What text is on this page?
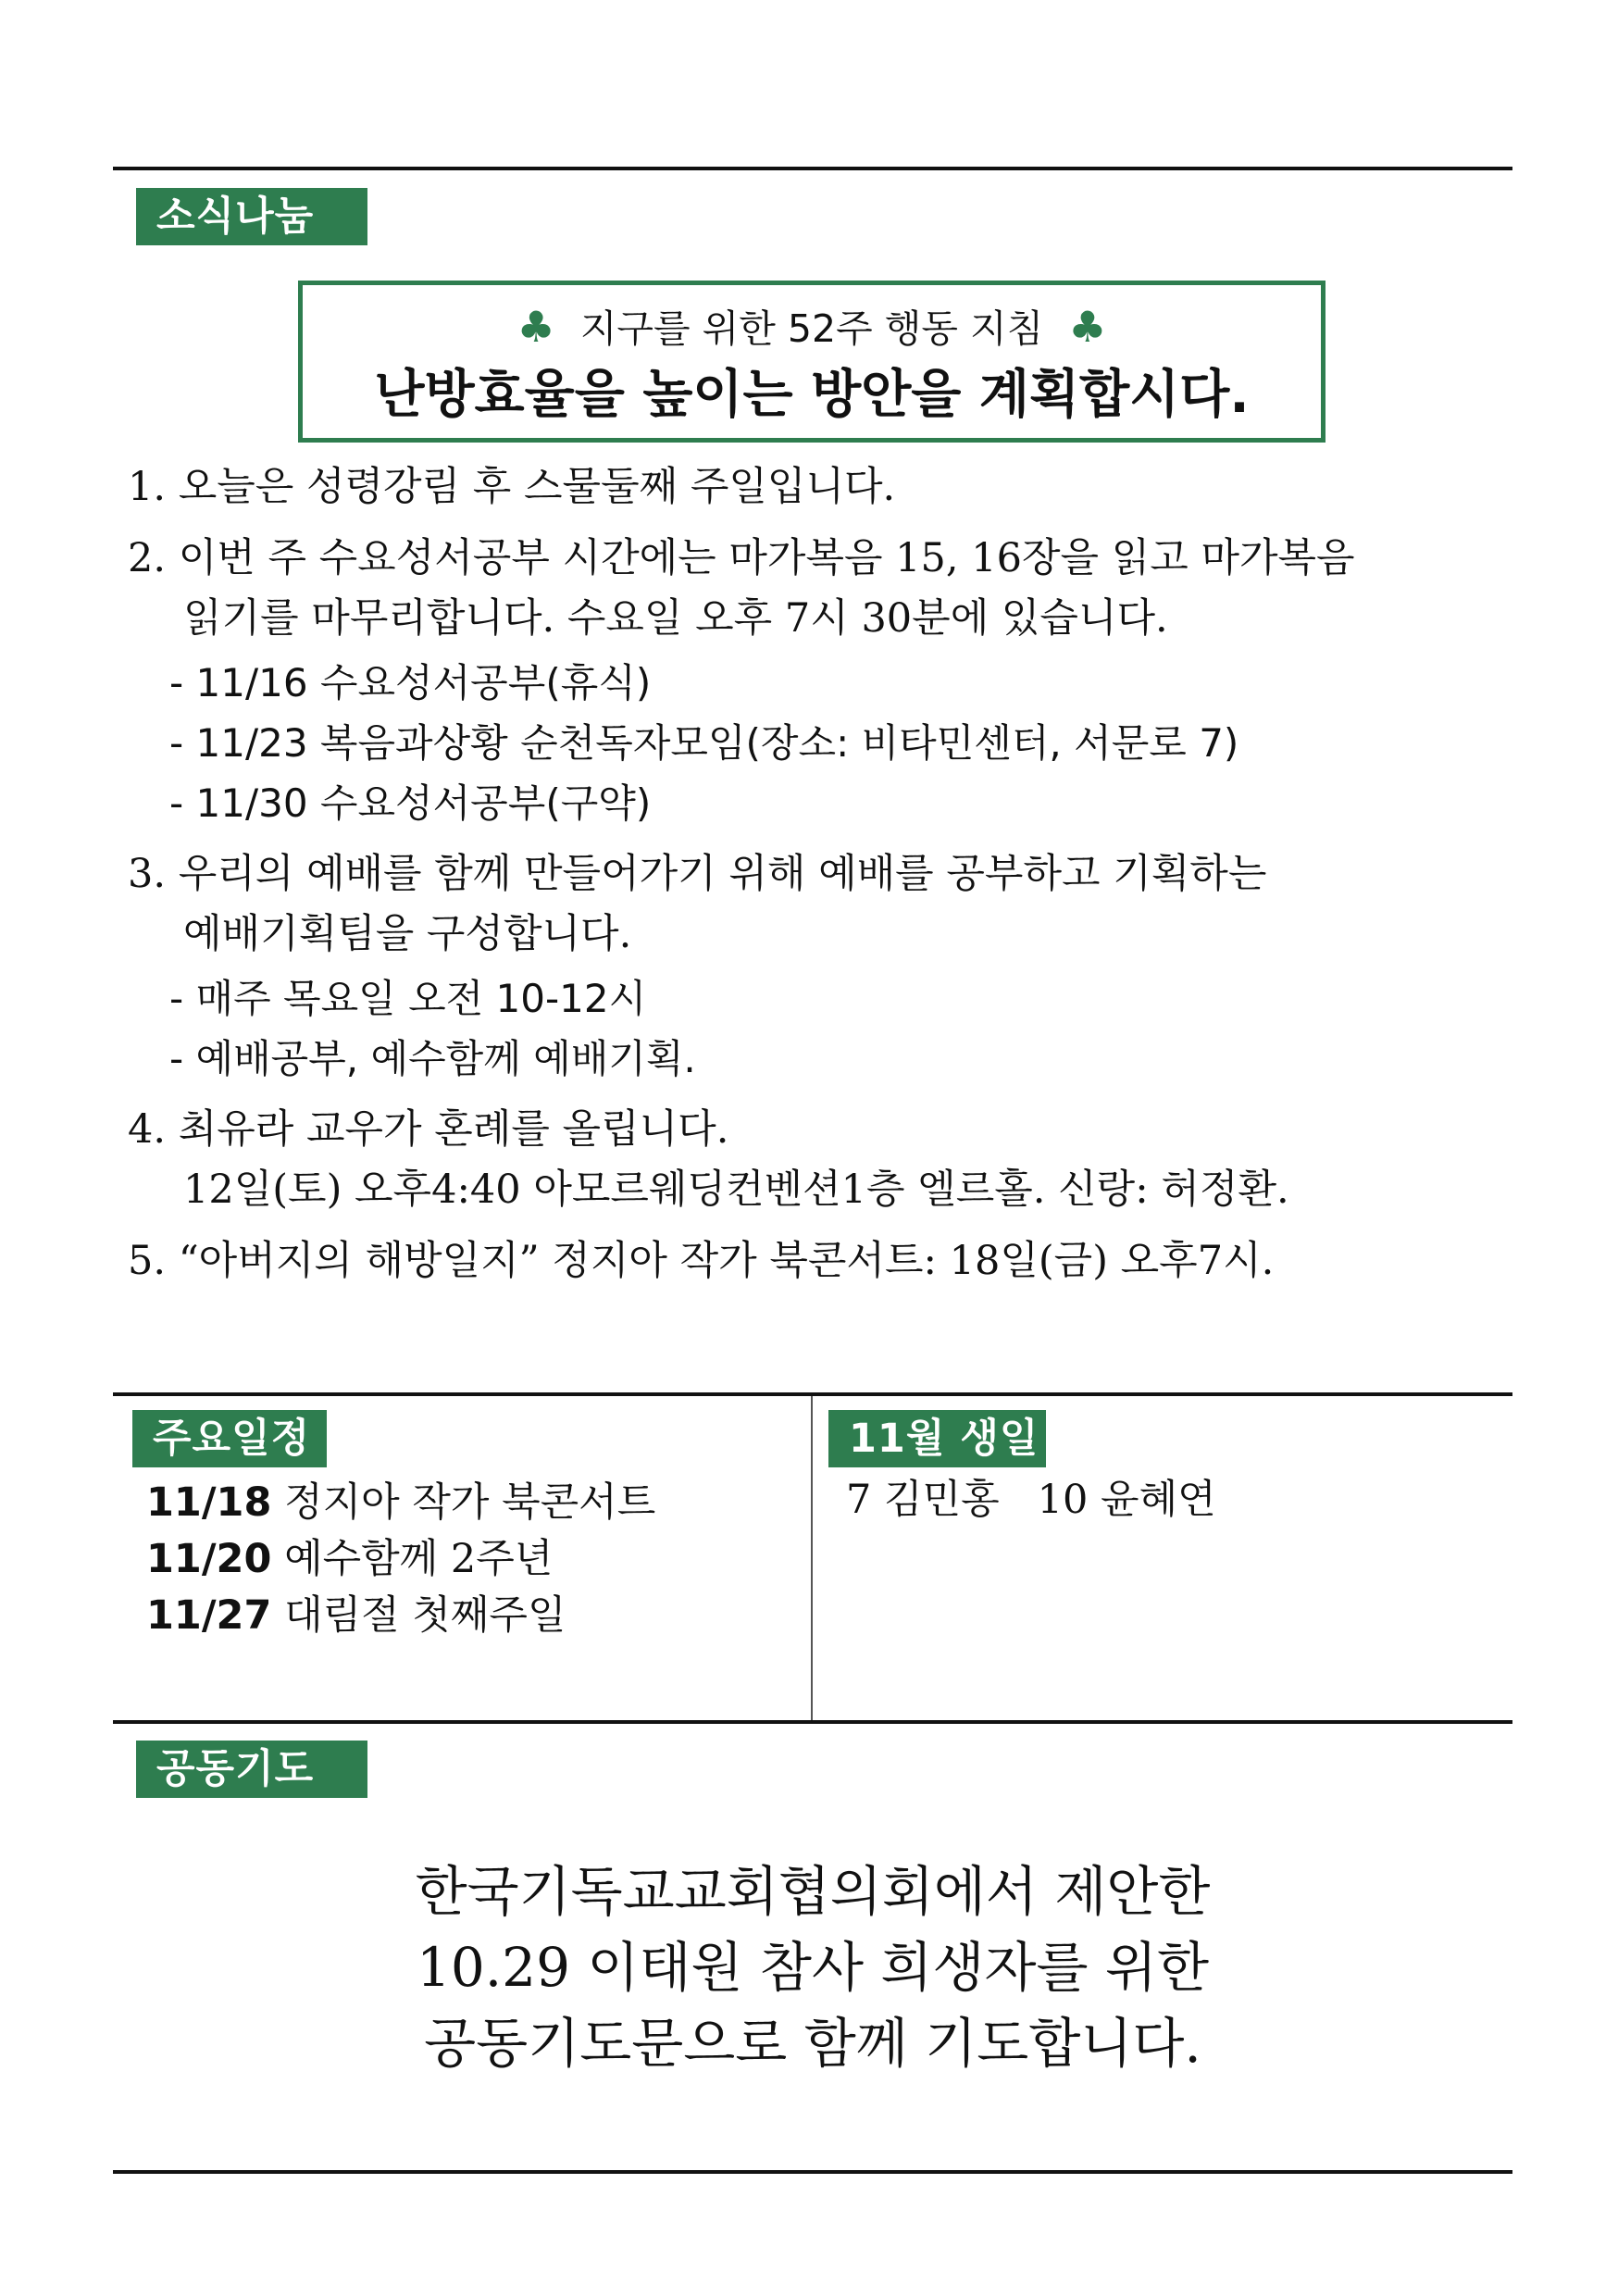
소식나눔
♣ 지구를 위한 52주 행동 지침 ♣
난방효율을 높이는 방안을 계획합시다.
1. 오늘은 성령강림 후 스물둘째 주일입니다.
2. 이번 주 수요성서공부 시간에는 마가복음 15, 16장을 읽고 마가복음
읽기를 마무리합니다. 수요일 오후 7시 30분에 있습니다.
- 11/16 수요성서공부(휴식)
- 11/23 복음과상황 순천독자모임(장소: 비타민센터, 서문로 7)
- 11/30 수요성서공부(구약)
3. 우리의 예배를 함께 만들어가기 위해 예배를 공부하고 기획하는
예배기획팀을 구성합니다.
- 매주 목요일 오전 10-12시
- 예배공부, 예수함께 예배기획.
4. 최유라 교우가 혼례를 올립니다.
12일(토) 오후4:40 아모르웨딩컨벤션1층 엘르홀. 신랑: 허정환.
5. “아버지의 해방일지” 정지아 작가 북콘서트: 18일(금) 오후7시.
주요일정
11/18 정지아 작가 북콘서트
11/20 예수함께 2주년
11/27 대림절 첫째주일
11월 생일
7 김민홍   10 윤혜연
공동기도
한국기독교교회협의회에서 제안한
10.29 이태원 참사 희생자를 위한
공동기도문으로 함께 기도합니다.
